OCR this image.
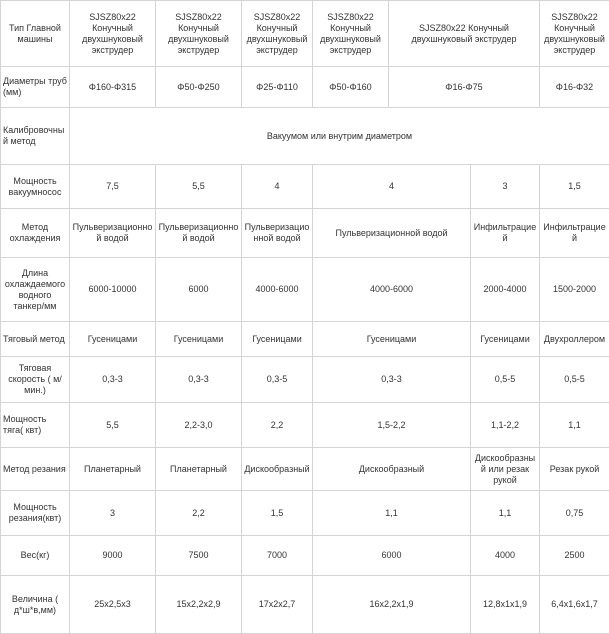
Тип Главной машины	SJSZ80x22 Конучный двухшнуковый экструдер	SJSZ80x22 Конучный двухшнуковый экструдер	SJSZ80x22 Конучный двухшнуковый экструдер	SJSZ80x22 Конучный двухшнуковый экструдер	SJSZ80x22 Конучный двухшнуковый экструдер		SJSZ80x22 Конучный двухшнуковый экструдер
Диаметры труб (мм)	Φ160-Φ315	Φ50-Φ250	Φ25-Φ110	Φ50-Φ160	Φ16-Φ75		Φ16-Φ32
Калибровочный метод	Вакуумом или внутрим диаметром						
Мощность вакуумносос	7,5	5,5	4	4		3	1,5
Метод охлаждения	Пульверизационной водой	Пульверизационной водой	Пульверизационной водой	Пульверизационной водой		Инфильтрацией	Инфильтрацией
Длина охлаждаемого водного танкер/мм	6000-10000	6000	4000-6000	4000-6000		2000-4000	1500-2000
Тяговый метод	Гусеницами	Гусеницами	Гусеницами	Гусеницами		Гусеницами	Двухроллером
Тяговая скорость ( м/мин.)	0,3-3	0,3-3	0,3-5	0,3-3		0,5-5	0,5-5
Мощность тяга( квт)	5,5	2,2-3,0	2,2	1,5-2,2		1,1-2,2	1,1
Метод резания	Планетарный	Планетарный	Дискообразный	Дискообразный		Дискообразный или резак рукой	Резак рукой
Мощность резания(квт)	3	2,2	1,5	1,1		1,1	0,75
Вес(кг)	9000	7500	7000	6000		4000	2500
Величина ( д*ш*в,мм)	25x2,5x3	15x2,2x2,9	17x2x2,7	16x2,2x1,9		12,8x1x1,9	6,4x1,6x1,7
